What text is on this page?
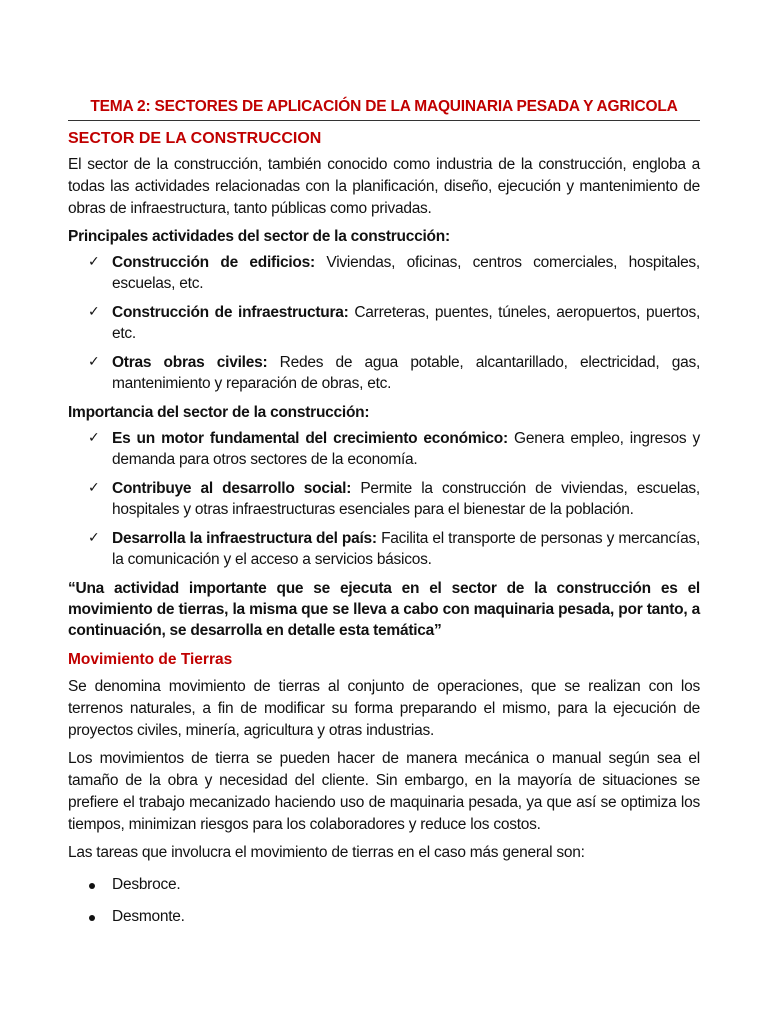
TEMA 2: SECTORES DE APLICACIÓN DE LA MAQUINARIA PESADA Y AGRICOLA
SECTOR DE LA CONSTRUCCION

El sector de la construcción, también conocido como industria de la construcción, engloba a todas las actividades relacionadas con la planificación, diseño, ejecución y mantenimiento de obras de infraestructura, tanto públicas como privadas.

Principales actividades del sector de la construcción:
✓ Construcción de edificios: Viviendas, oficinas, centros comerciales, hospitales, escuelas, etc.
✓ Construcción de infraestructura: Carreteras, puentes, túneles, aeropuertos, puertos, etc.
✓ Otras obras civiles: Redes de agua potable, alcantarillado, electricidad, gas, mantenimiento y reparación de obras, etc.
Importancia del sector de la construcción:
✓ Es un motor fundamental del crecimiento económico: Genera empleo, ingresos y demanda para otros sectores de la economía.
✓ Contribuye al desarrollo social: Permite la construcción de viviendas, escuelas, hospitales y otras infraestructuras esenciales para el bienestar de la población.
✓ Desarrolla la infraestructura del país: Facilita el transporte de personas y mercancías, la comunicación y el acceso a servicios básicos.
“Una actividad importante que se ejecuta en el sector de la construcción es el movimiento de tierras, la misma que se lleva a cabo con maquinaria pesada, por tanto, a continuación, se desarrolla en detalle esta temática”
Movimiento de Tierras

Se denomina movimiento de tierras al conjunto de operaciones, que se realizan con los terrenos naturales, a fin de modificar su forma preparando el mismo, para la ejecución de proyectos civiles, minería, agricultura y otras industrias.

Los movimientos de tierra se pueden hacer de manera mecánica o manual según sea el tamaño de la obra y necesidad del cliente. Sin embargo, en la mayoría de situaciones se prefiere el trabajo mecanizado haciendo uso de maquinaria pesada, ya que así se optimiza los tiempos, minimizan riesgos para los colaboradores y reduce los costos.

Las tareas que involucra el movimiento de tierras en el caso más general son:

Desbroce.
Desmonte.
